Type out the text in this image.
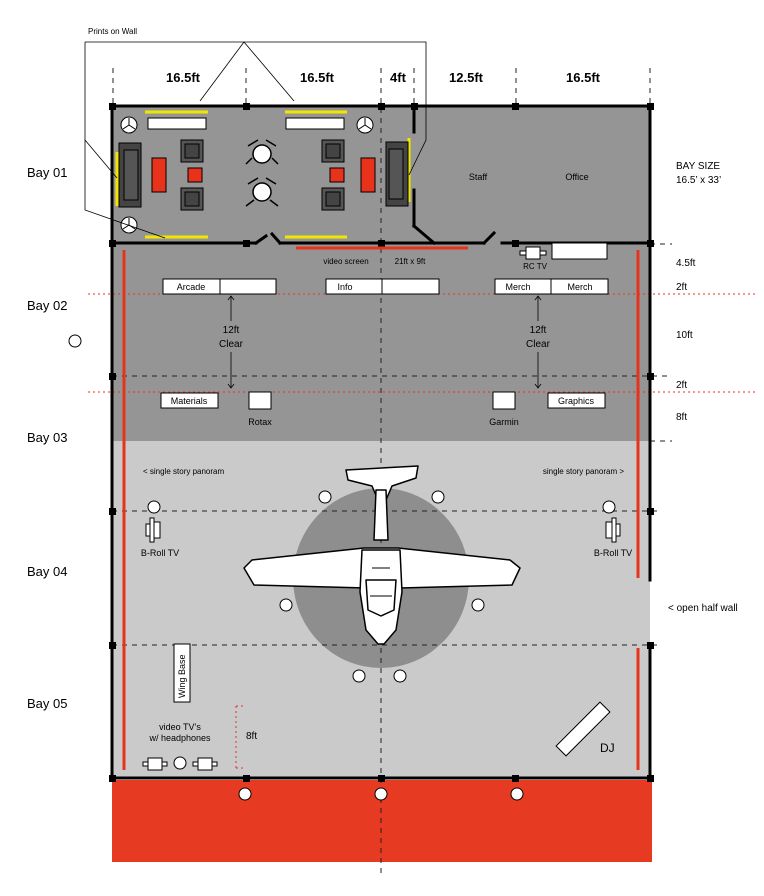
Prints on Wall
16.5ft	16.5ft	4ft	12.5ft	16.5ft
Bay 01
Bay 02
Bay 03
Bay 04
Bay 05
BAY SIZE
16.5’ x 33’
4.5ft
2ft
10ft
2ft
8ft
< open half wall
Staff	Office
video screen	21ft x 9ft
RC TV
Arcade	Info	Merch	Merch
Materials	Graphics
Rotax	Garmin
12ft
Clear
12ft
Clear
< single story panoram	single story panoram >
B-Roll TV	B-Roll TV
Wing Base
video TV’s
w/ headphones	8ft
DJ
